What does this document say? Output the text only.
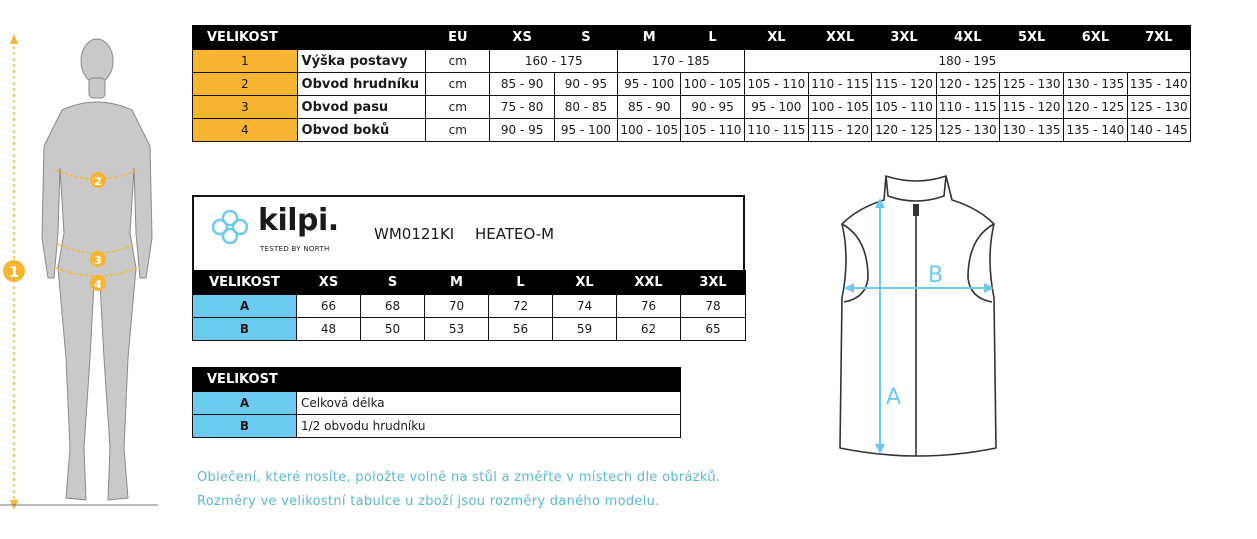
1
2
3
4
VELIKOST		EU	XS	S	M	L	XL	XXL	3XL	4XL	5XL	6XL	7XL
1	Výška postavy	cm	160 - 175		170 - 185		180 - 195						
2	Obvod hrudníku	cm	85 - 90	90 - 95	95 - 100	100 - 105	105 - 110	110 - 115	115 - 120	120 - 125	125 - 130	130 - 135	135 - 140
3	Obvod pasu	cm	75 - 80	80 - 85	85 - 90	90 - 95	95 - 100	100 - 105	105 - 110	110 - 115	115 - 120	120 - 125	125 - 130
4	Obvod boků	cm	90 - 95	95 - 100	100 - 105	105 - 110	110 - 115	115 - 120	120 - 125	125 - 130	130 - 135	135 - 140	140 - 145
kilpi.
TESTED BY NORTH
WM0121KI HEATEO-M
VELIKOST	XS	S	M	L	XL	XXL	3XL
A	66	68	70	72	74	76	78
B	48	50	53	56	59	62	65
VELIKOST	
A	Celková délka
B	1/2 obvodu hrudníku
Oblečení, které nosíte, položte volně na stůl a změřte v místech dle obrázků.
Rozměry ve velikostní tabulce u zboží jsou rozměry daného modelu.
A
B
